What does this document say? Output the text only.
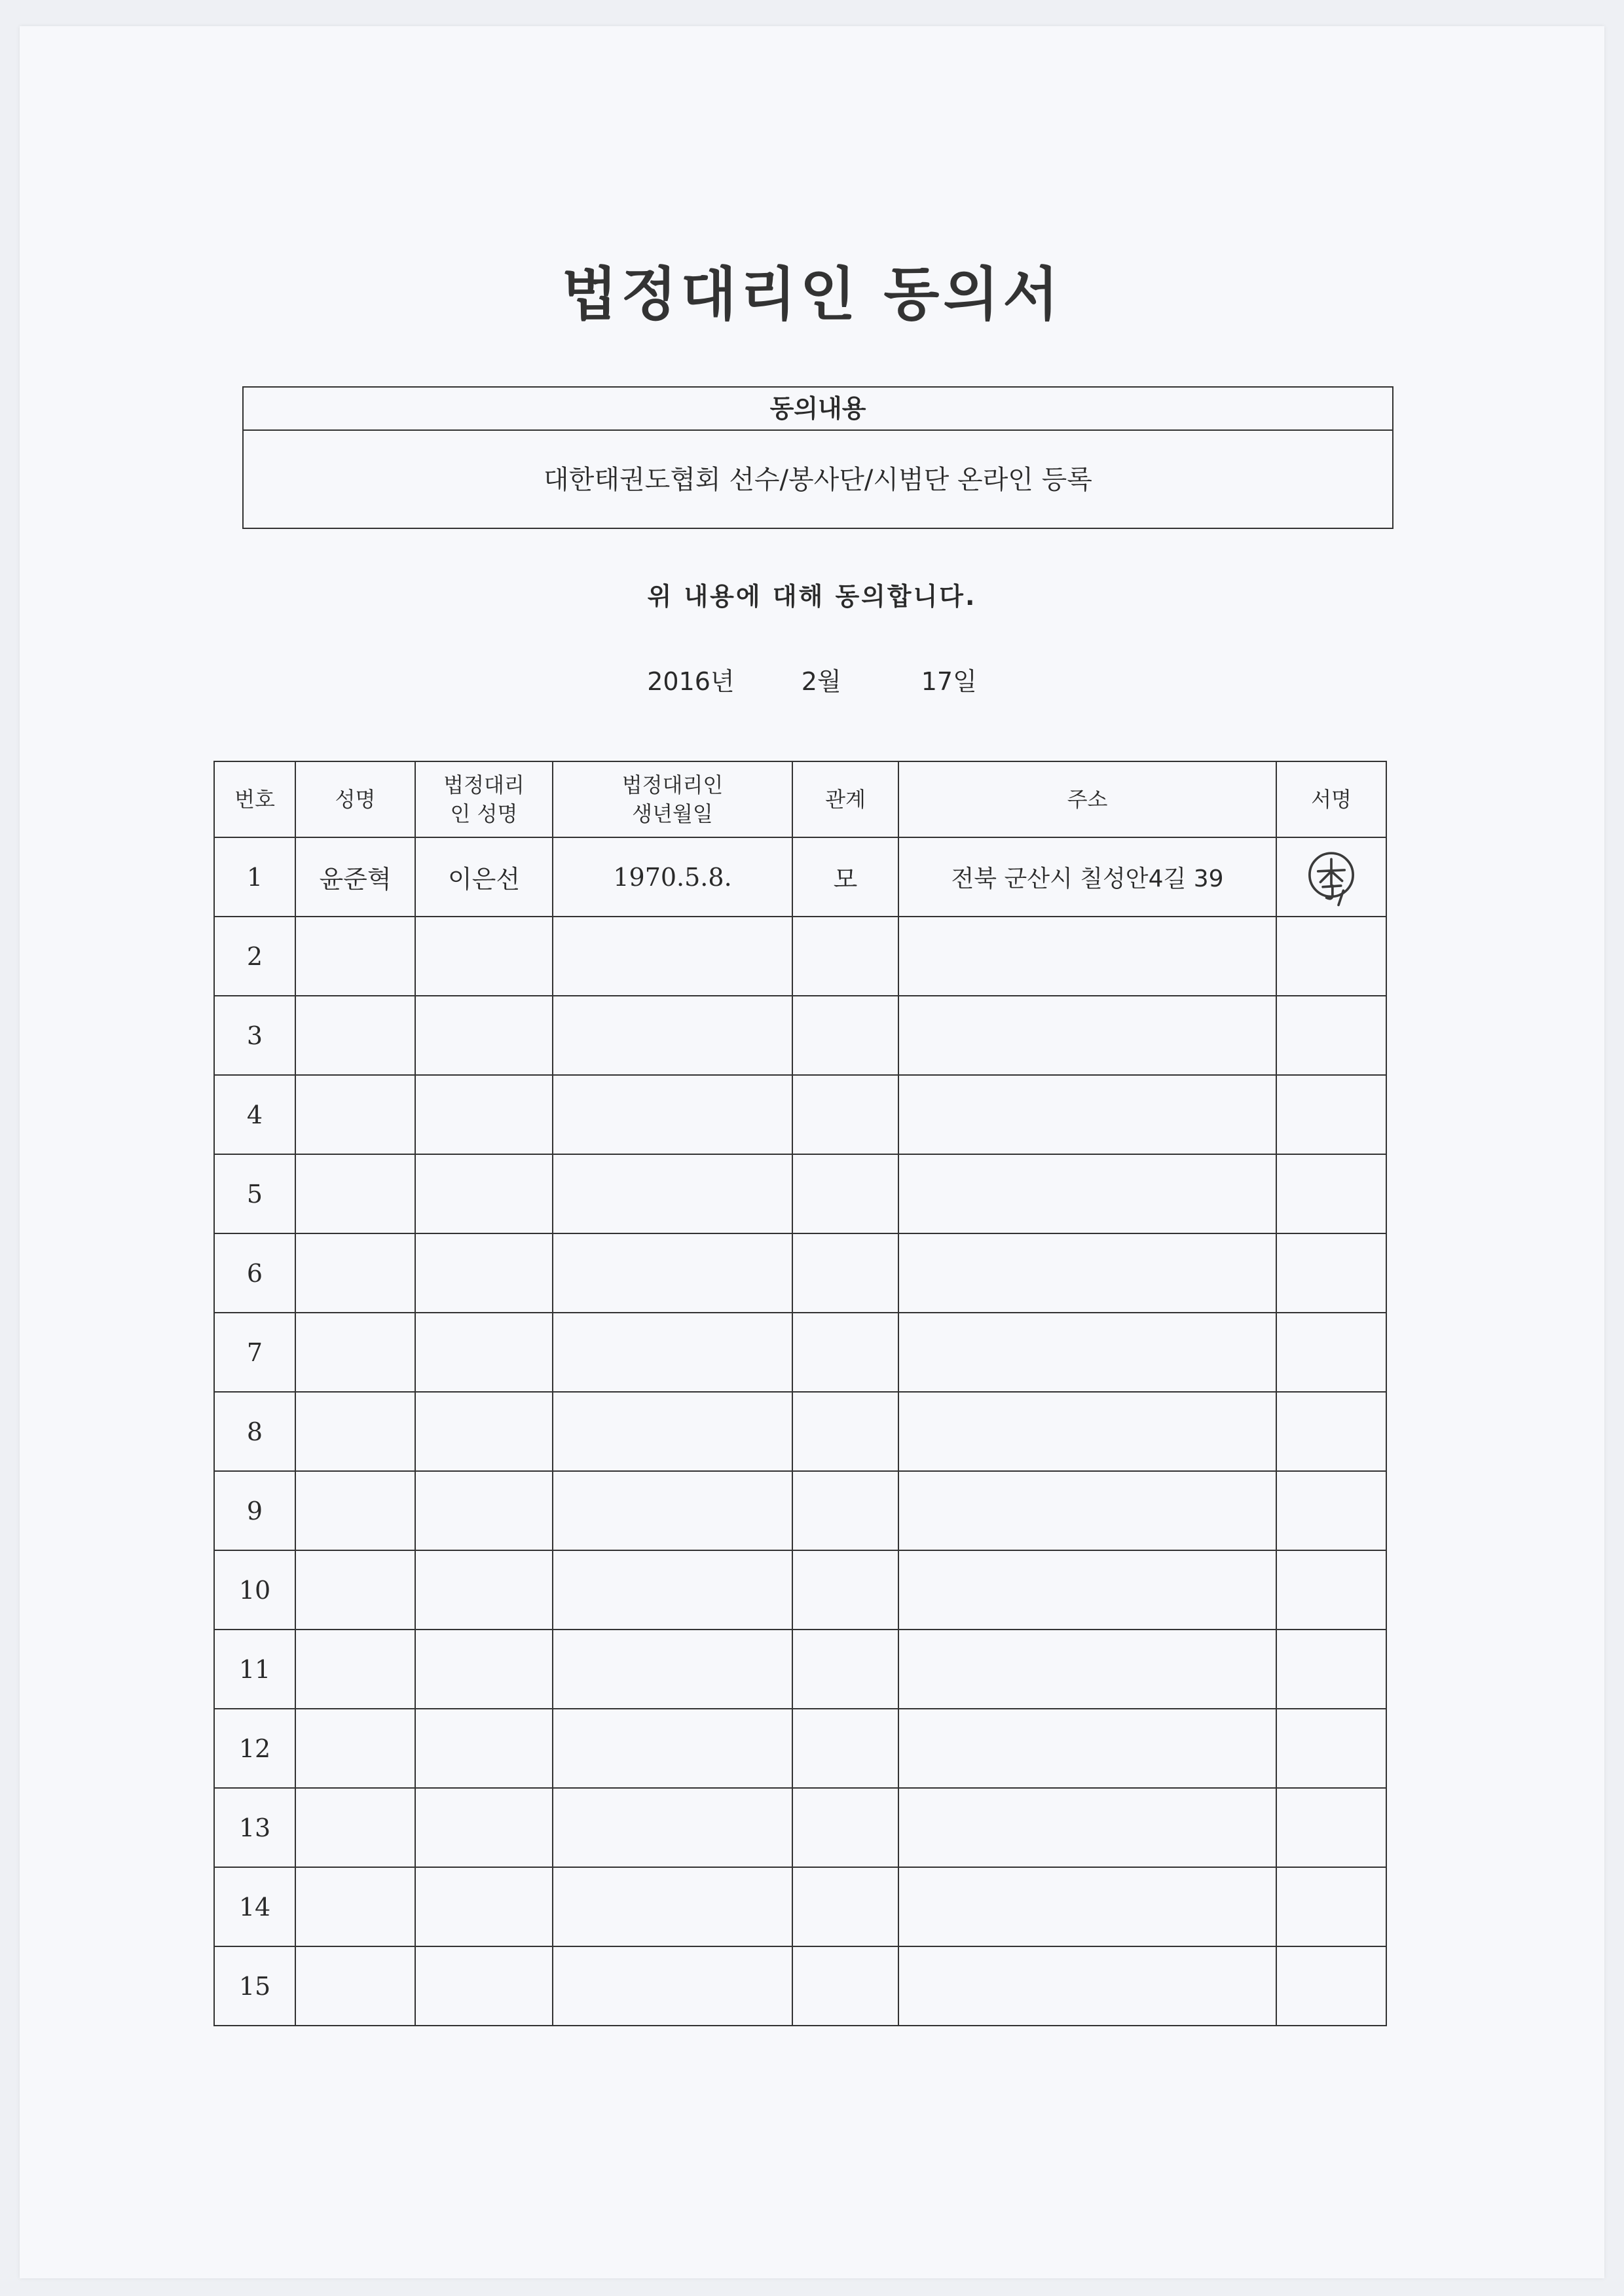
법정대리인 동의서
동의내용
대한태권도협회 선수/봉사단/시범단 온라인 등록
위 내용에 대해 동의합니다.
2016년	2월	17일
번호	성명	법정대리인 성명	법정대리인 생년월일	관계	주소	서명
1	윤준혁	이은선	1970.5.8.	모	전북 군산시 칠성안4길 39	
2						
3						
4						
5						
6						
7						
8						
9						
10						
11						
12						
13						
14						
15						
